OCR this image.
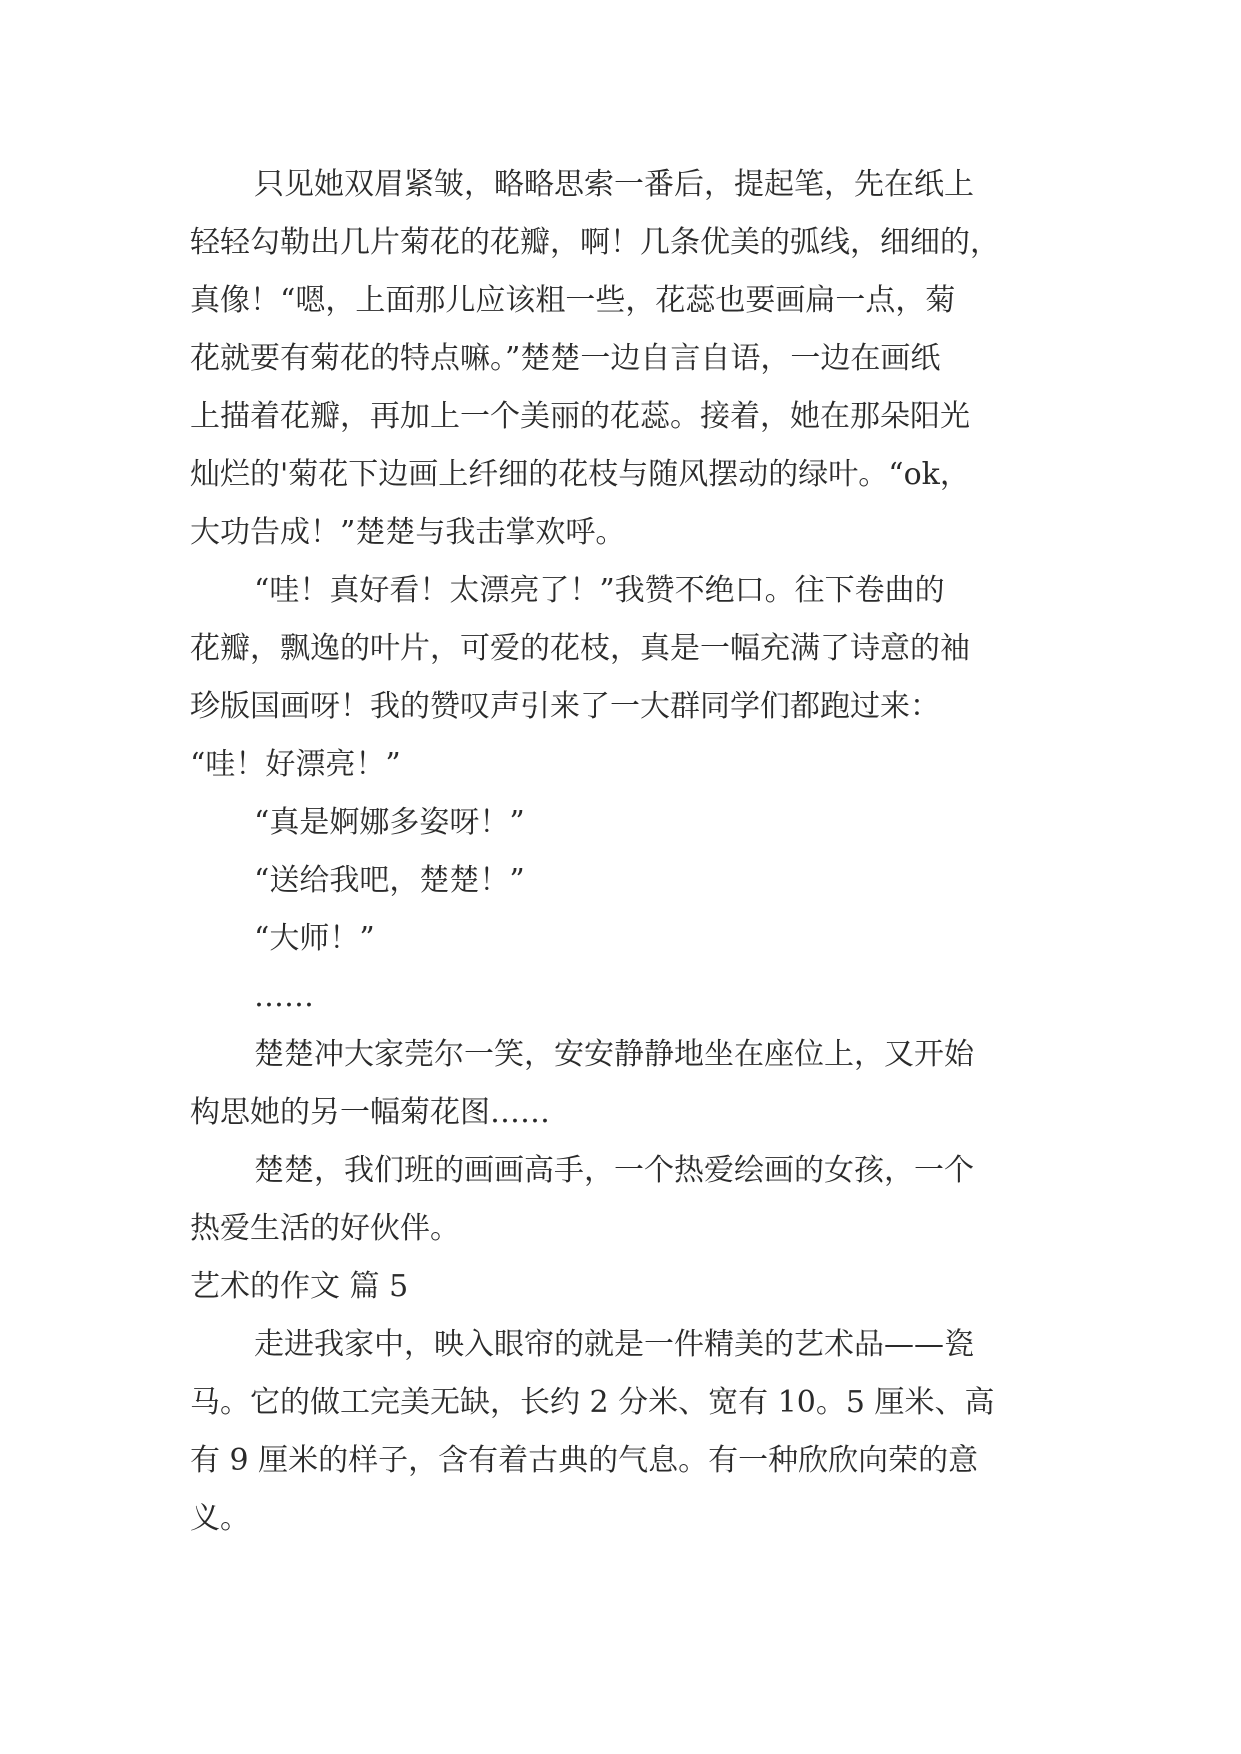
只见她双眉紧皱，略略思索一番后，提起笔，先在纸上
轻轻勾勒出几片菊花的花瓣，啊！几条优美的弧线，细细的，
真像！“嗯，上面那儿应该粗一些，花蕊也要画扁一点，菊
花就要有菊花的特点嘛。”楚楚一边自言自语，一边在画纸
上描着花瓣，再加上一个美丽的花蕊。接着，她在那朵阳光
灿烂的'菊花下边画上纤细的花枝与随风摆动的绿叶。“ok，
大功告成！”楚楚与我击掌欢呼。
“哇！真好看！太漂亮了！”我赞不绝口。往下卷曲的
花瓣，飘逸的叶片，可爱的花枝，真是一幅充满了诗意的袖
珍版国画呀！我的赞叹声引来了一大群同学们都跑过来：
“哇！好漂亮！”
“真是婀娜多姿呀！”
“送给我吧，楚楚！”
“大师！”
……
楚楚冲大家莞尔一笑，安安静静地坐在座位上，又开始
构思她的另一幅菊花图……
楚楚，我们班的画画高手，一个热爱绘画的女孩，一个
热爱生活的好伙伴。
艺术的作文 篇 5
走进我家中，映入眼帘的就是一件精美的艺术品——瓷
马。它的做工完美无缺，长约 2 分米、宽有 10。5 厘米、高
有 9 厘米的样子，含有着古典的气息。有一种欣欣向荣的意
义。
